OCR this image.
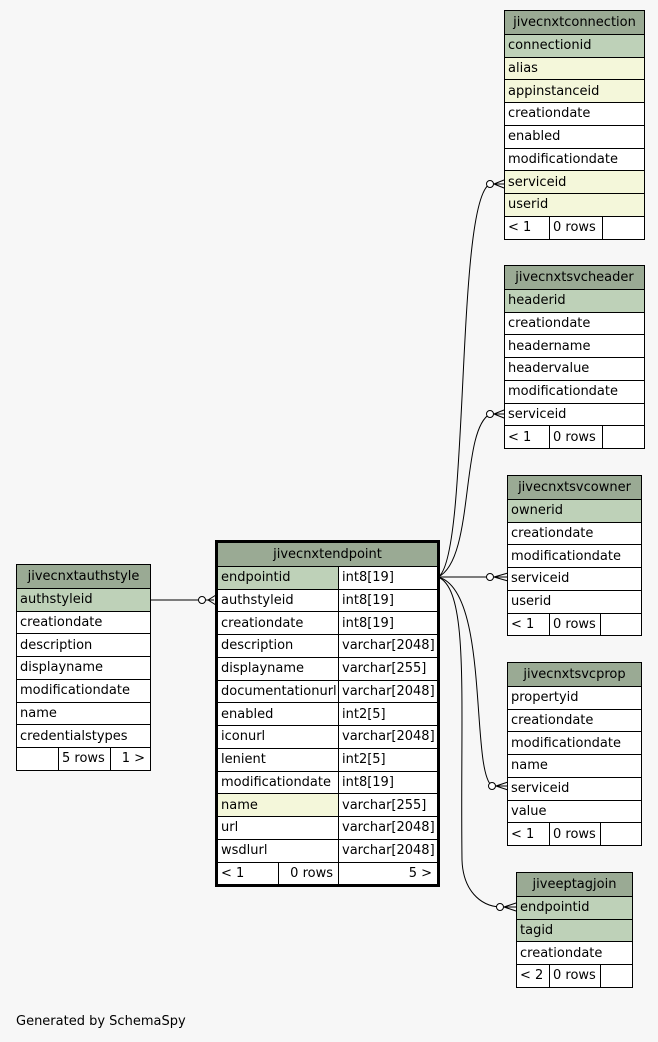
jivecnxtauthstyle
authstyleid
creationdate
description
displayname
modificationdate
name
credentialstypes
5 rows	1 >
jivecnxtendpoint
endpointid	int8[19]
authstyleid	int8[19]
creationdate	int8[19]
description	varchar[2048]
displayname	varchar[255]
documentationurl varchar[2048]
enabled	int2[5]
iconurl	varchar[2048]
lenient	int2[5]
modificationdate int8[19]
name	varchar[255]
url	varchar[2048]
wsdlurl	varchar[2048]
< 1	0 rows	5 >
jivecnxtconnection
connectionid
alias
appinstanceid
creationdate
enabled
modificationdate
serviceid
userid
< 1	0 rows
jivecnxtsvcheader
headerid
creationdate
headername
headervalue
modificationdate
serviceid
< 1	0 rows
jivecnxtsvcowner
ownerid
creationdate
modificationdate
serviceid
userid
< 1	0 rows
jivecnxtsvcprop
propertyid
creationdate
modificationdate
name
serviceid
value
< 1	0 rows
jiveeptagjoin
endpointid
tagid
creationdate
< 2 0 rows
Generated by SchemaSpy
